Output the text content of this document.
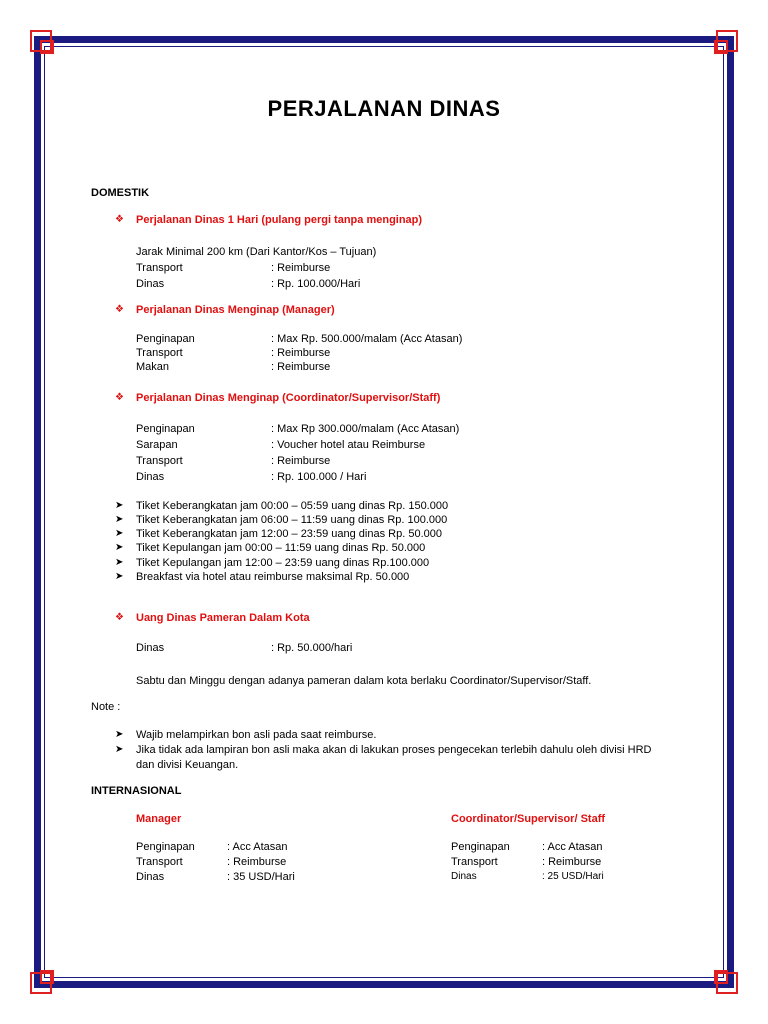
PERJALANAN DINAS
DOMESTIK
❖ Perjalanan Dinas 1 Hari (pulang pergi tanpa menginap)
Jarak Minimal 200 km (Dari Kantor/Kos – Tujuan)
Transport	: Reimburse
Dinas	: Rp. 100.000/Hari
❖ Perjalanan Dinas Menginap (Manager)
Penginapan	: Max Rp. 500.000/malam (Acc Atasan)
Transport	: Reimburse
Makan	: Reimburse
❖ Perjalanan Dinas Menginap (Coordinator/Supervisor/Staff)
Penginapan	: Max Rp 300.000/malam (Acc Atasan)
Sarapan	: Voucher hotel atau Reimburse
Transport	: Reimburse
Dinas	: Rp. 100.000 / Hari
➤ Tiket Keberangkatan jam 00:00 – 05:59 uang dinas Rp. 150.000
➤ Tiket Keberangkatan jam 06:00 – 11:59 uang dinas Rp. 100.000
➤ Tiket Keberangkatan jam 12:00 – 23:59 uang dinas Rp. 50.000
➤ Tiket Kepulangan jam 00:00 – 11:59 uang dinas Rp. 50.000
➤ Tiket Kepulangan jam 12:00 – 23:59 uang dinas Rp.100.000
➤ Breakfast via hotel atau reimburse maksimal Rp. 50.000
❖ Uang Dinas Pameran Dalam Kota
Dinas	: Rp. 50.000/hari
Sabtu dan Minggu dengan adanya pameran dalam kota berlaku Coordinator/Supervisor/Staff.
Note :
➤ Wajib melampirkan bon asli pada saat reimburse.
➤ Jika tidak ada lampiran bon asli maka akan di lakukan proses pengecekan terlebih dahulu oleh divisi HRD
dan divisi Keuangan.
INTERNASIONAL
Manager
Penginapan	: Acc Atasan
Transport	: Reimburse
Dinas	: 35 USD/Hari
Coordinator/Supervisor/ Staff
Penginapan	: Acc Atasan
Transport	: Reimburse
Dinas	: 25 USD/Hari
